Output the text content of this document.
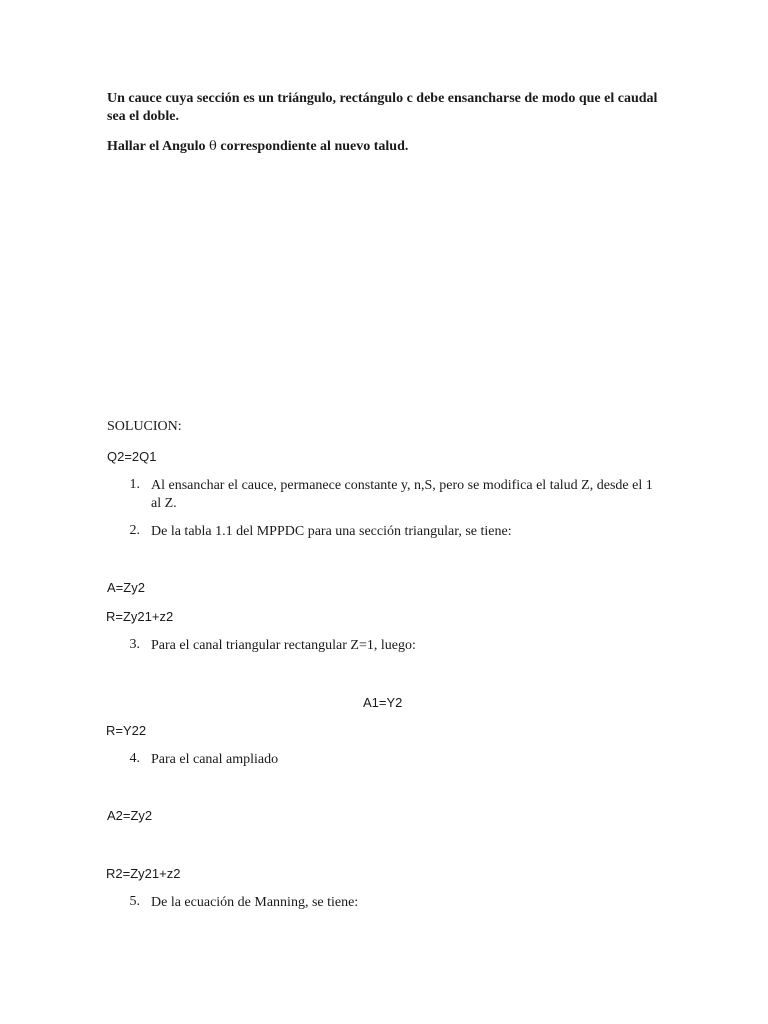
Un cauce cuya sección es un triángulo, rectángulo c debe ensancharse de modo que el caudal sea el doble.
Hallar el Angulo θ correspondiente al nuevo talud.
SOLUCION:
Q2=2Q1
1. Al ensanchar el cauce, permanece constante y, n,S, pero se modifica el talud Z, desde el 1 al Z.
2. De la tabla 1.1 del MPPDC para una sección triangular, se tiene:
A=Zy2
R=Zy21+z2
3. Para el canal triangular rectangular Z=1, luego:
A1=Y2
R=Y22
4. Para el canal ampliado
A2=Zy2
R2=Zy21+z2
5. De la ecuación de Manning, se tiene:
